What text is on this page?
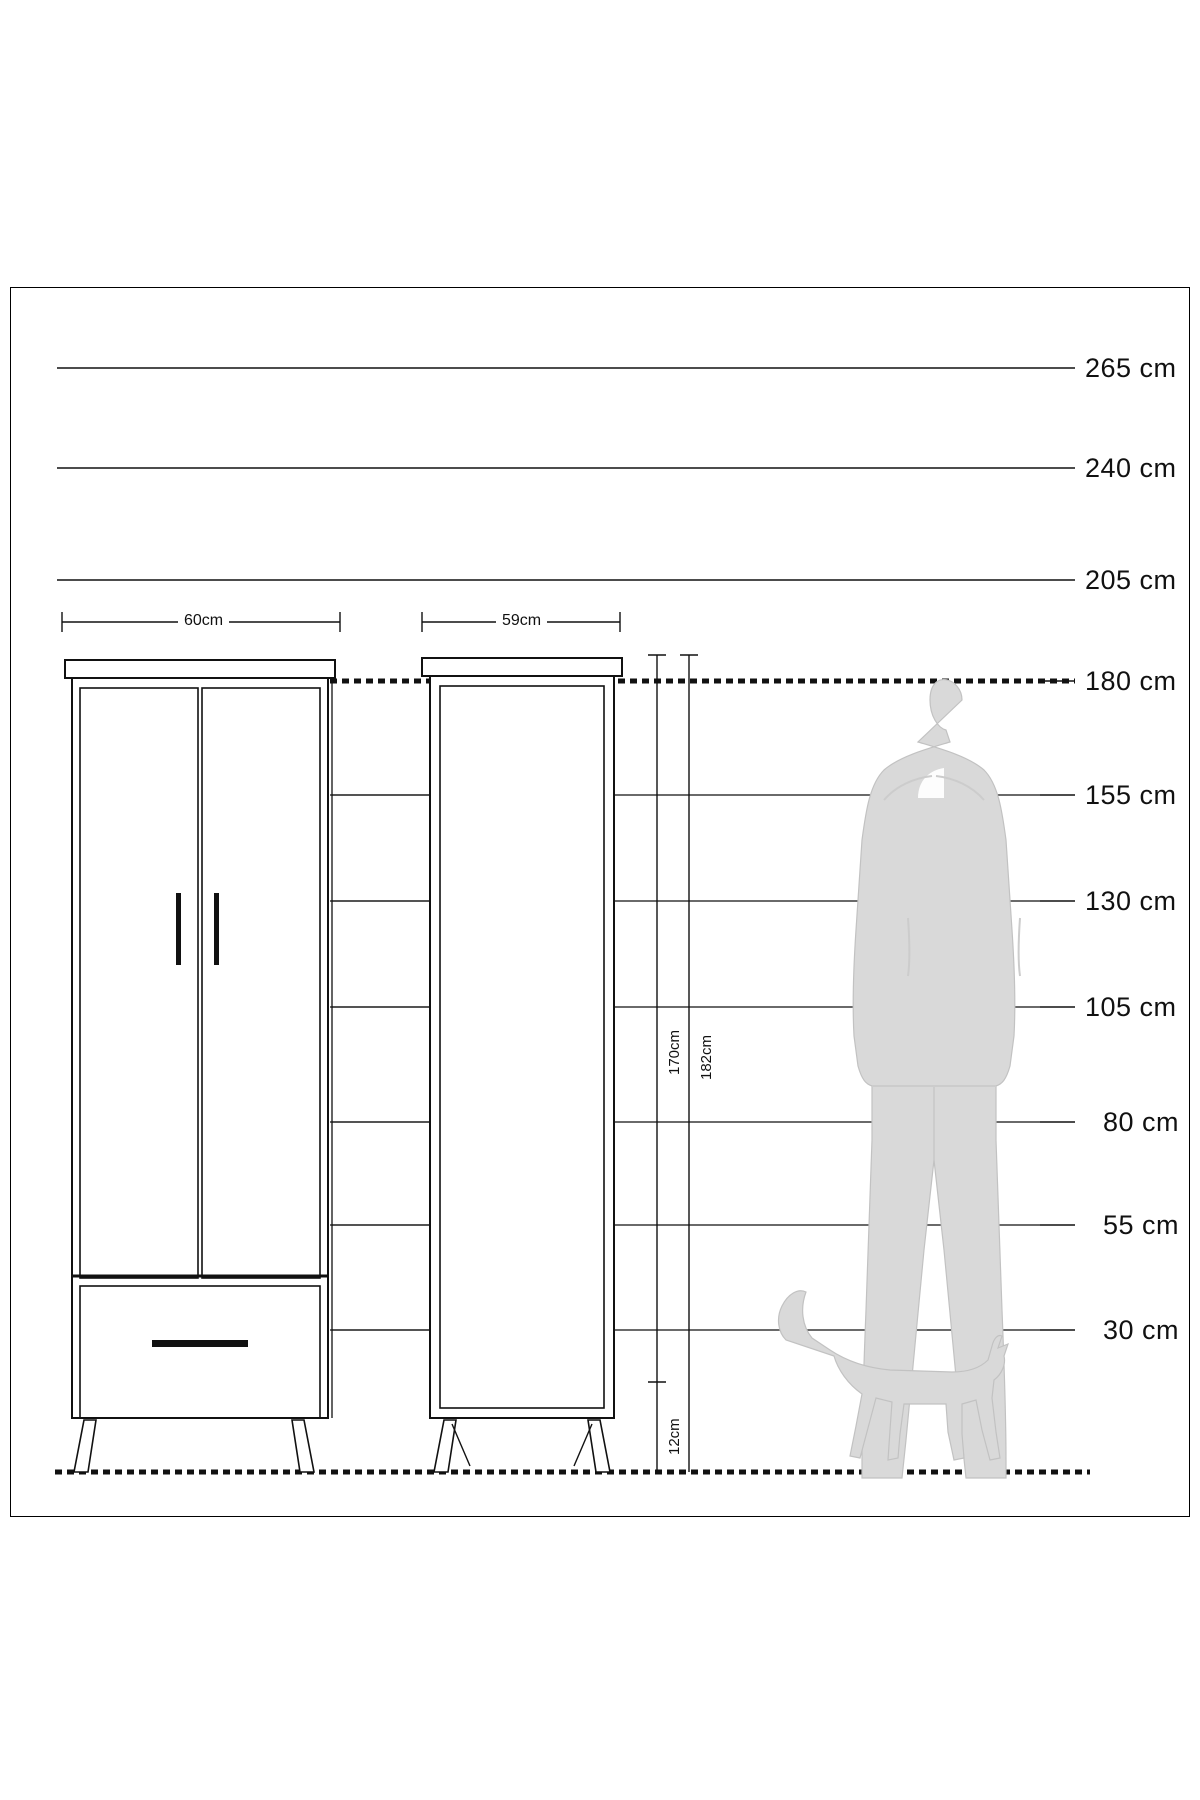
265 cm
240 cm
205 cm
180 cm
155 cm
130 cm
105 cm
80 cm
55 cm
30 cm
60cm	59cm
170cm 182cm
12cm
